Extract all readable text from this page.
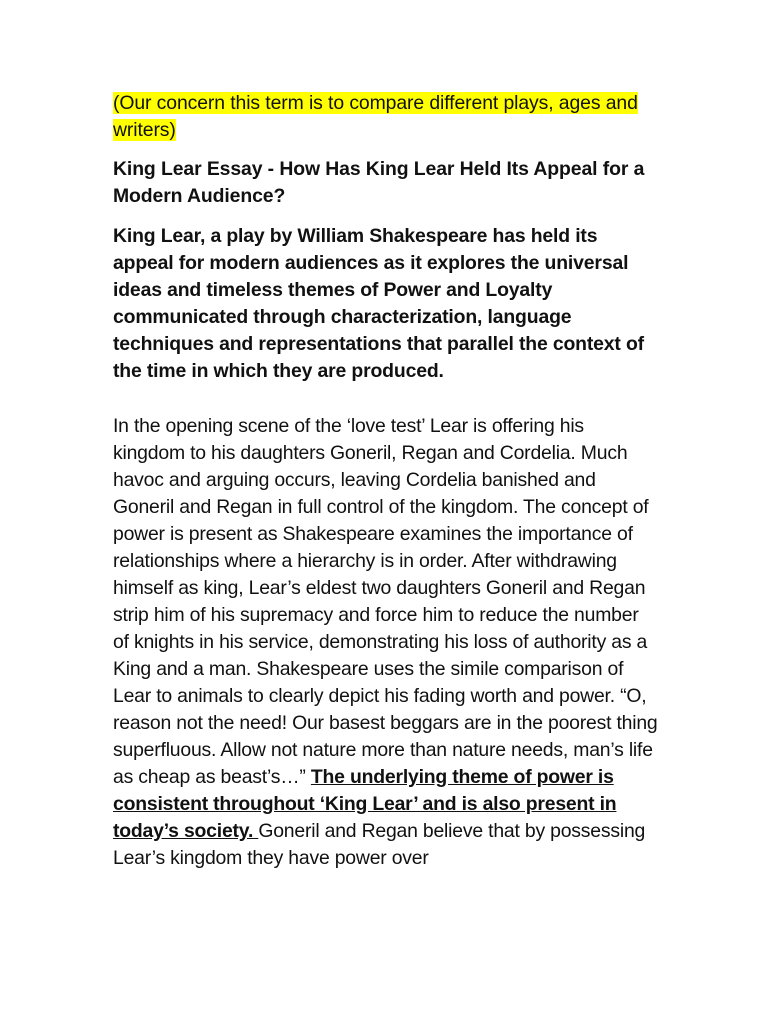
(Our concern this term is to compare different plays, ages and writers)

King Lear Essay - How Has King Lear Held Its Appeal for a Modern Audience?

King Lear, a play by William Shakespeare has held its appeal for modern audiences as it explores the universal ideas and timeless themes of Power and Loyalty communicated through characterization, language techniques and representations that parallel the context of the time in which they are produced.

In the opening scene of the ‘love test’ Lear is offering his kingdom to his daughters Goneril, Regan and Cordelia. Much havoc and arguing occurs, leaving Cordelia banished and Goneril and Regan in full control of the kingdom. The concept of power is present as Shakespeare examines the importance of relationships where a hierarchy is in order. After withdrawing himself as king, Lear’s eldest two daughters Goneril and Regan strip him of his supremacy and force him to reduce the number of knights in his service, demonstrating his loss of authority as a King and a man. Shakespeare uses the simile comparison of Lear to animals to clearly depict his fading worth and power. “O, reason not the need! Our basest beggars are in the poorest thing superfluous. Allow not nature more than nature needs, man’s life as cheap as beast’s…” The underlying theme of power is consistent throughout ‘King Lear’ and is also present in today’s society. Goneril and Regan believe that by possessing Lear’s kingdom they have power over
